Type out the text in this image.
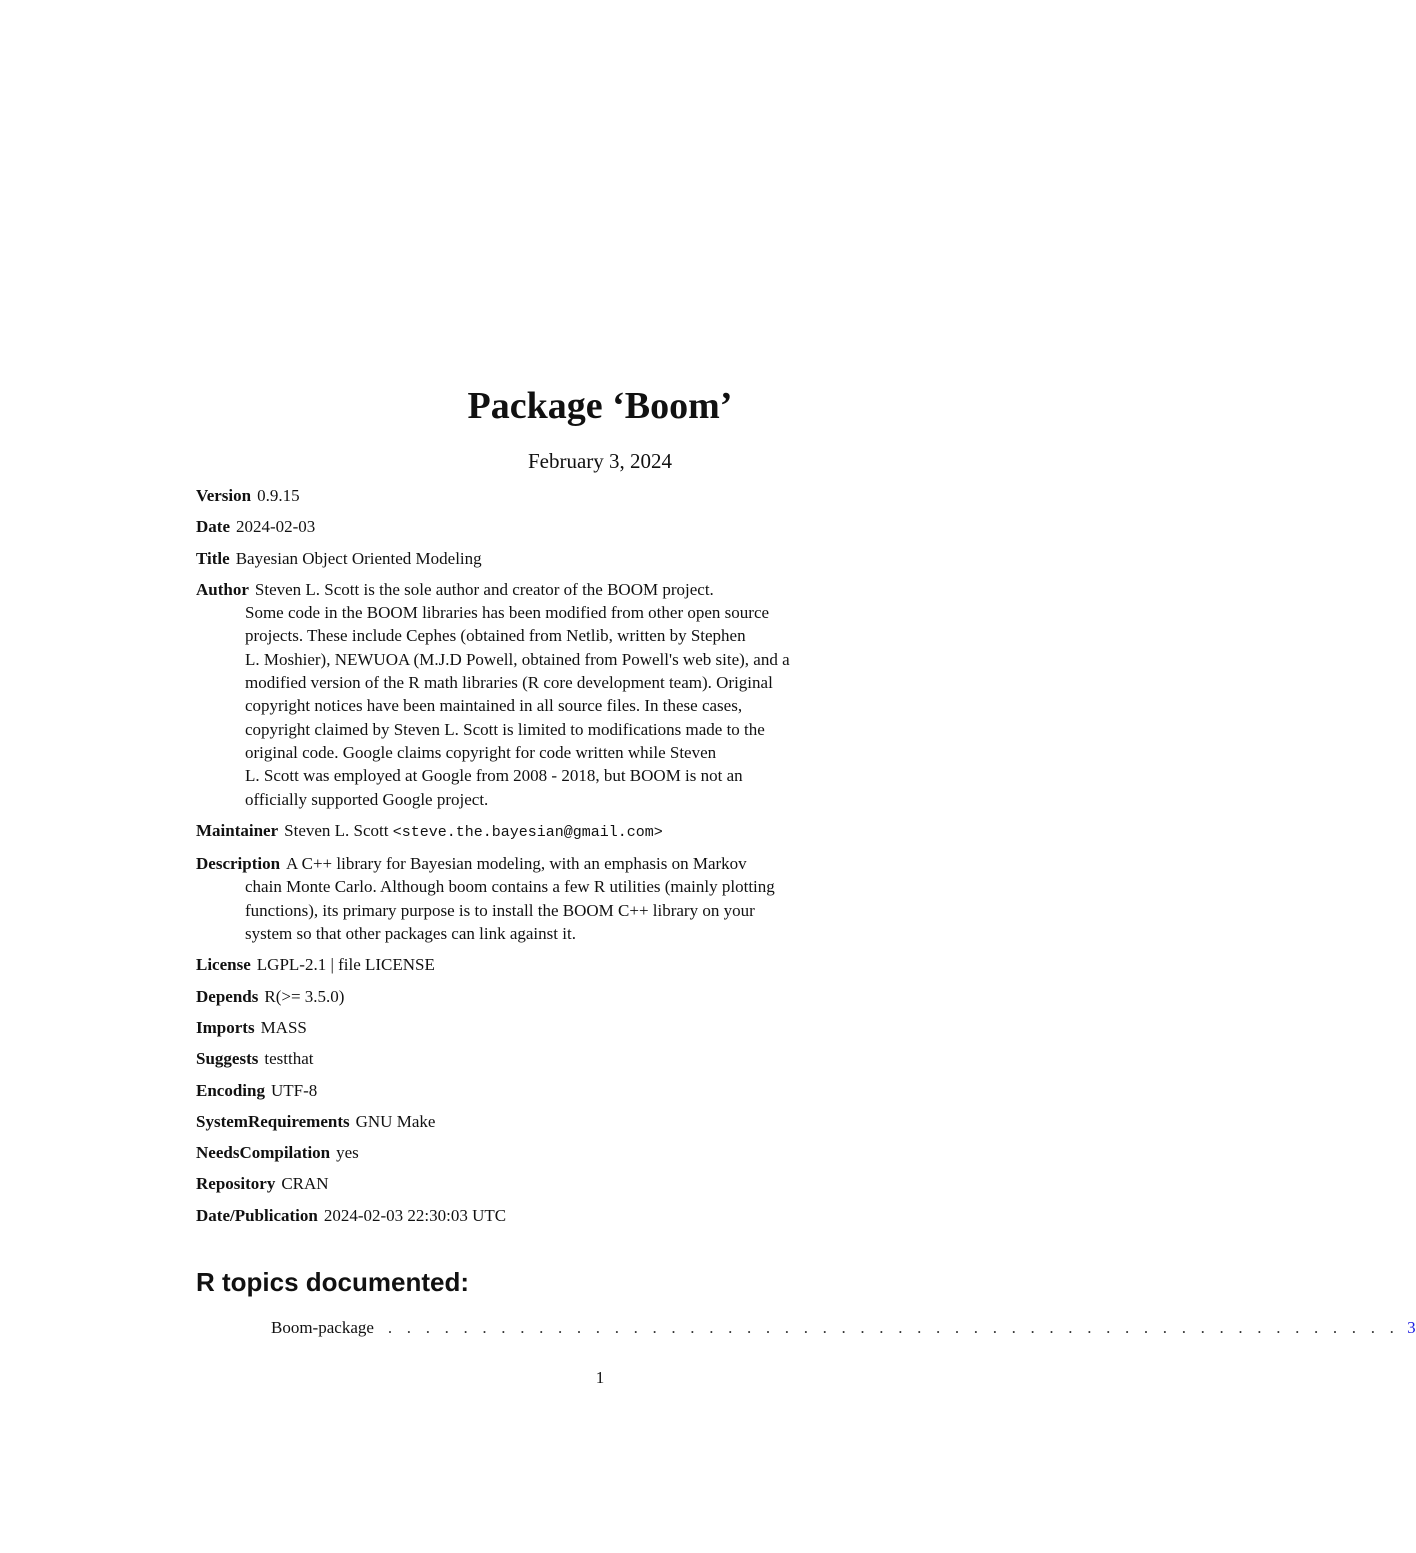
Package ‘Boom’
February 3, 2024

Version 0.9.15

Date 2024-02-03

Title Bayesian Object Oriented Modeling

Author Steven L. Scott is the sole author and creator of the BOOM project.
Some code in the BOOM libraries has been modified from other open source
projects. These include Cephes (obtained from Netlib, written by Stephen
L. Moshier), NEWUOA (M.J.D Powell, obtained from Powell's web site), and a
modified version of the R math libraries (R core development team). Original
copyright notices have been maintained in all source files. In these cases,
copyright claimed by Steven L. Scott is limited to modifications made to the
original code. Google claims copyright for code written while Steven
L. Scott was employed at Google from 2008 - 2018, but BOOM is not an
officially supported Google project.

Maintainer Steven L. Scott <steve.the.bayesian@gmail.com>

Description A C++ library for Bayesian modeling, with an emphasis on Markov
chain Monte Carlo. Although boom contains a few R utilities (mainly plotting
functions), its primary purpose is to install the BOOM C++ library on your
system so that other packages can link against it.

License LGPL-2.1 | file LICENSE

Depends R(>= 3.5.0)

Imports MASS

Suggests testthat

Encoding UTF-8

SystemRequirements GNU Make

NeedsCompilation yes

Repository CRAN

Date/Publication 2024-02-03 22:30:03 UTC

R topics documented:
Boom-package . . . . . . . . . . . . . . . . . . . . . . . . . . . . . . . . . . . . . . . . . . . . . . . . . . . . . . 3
1
